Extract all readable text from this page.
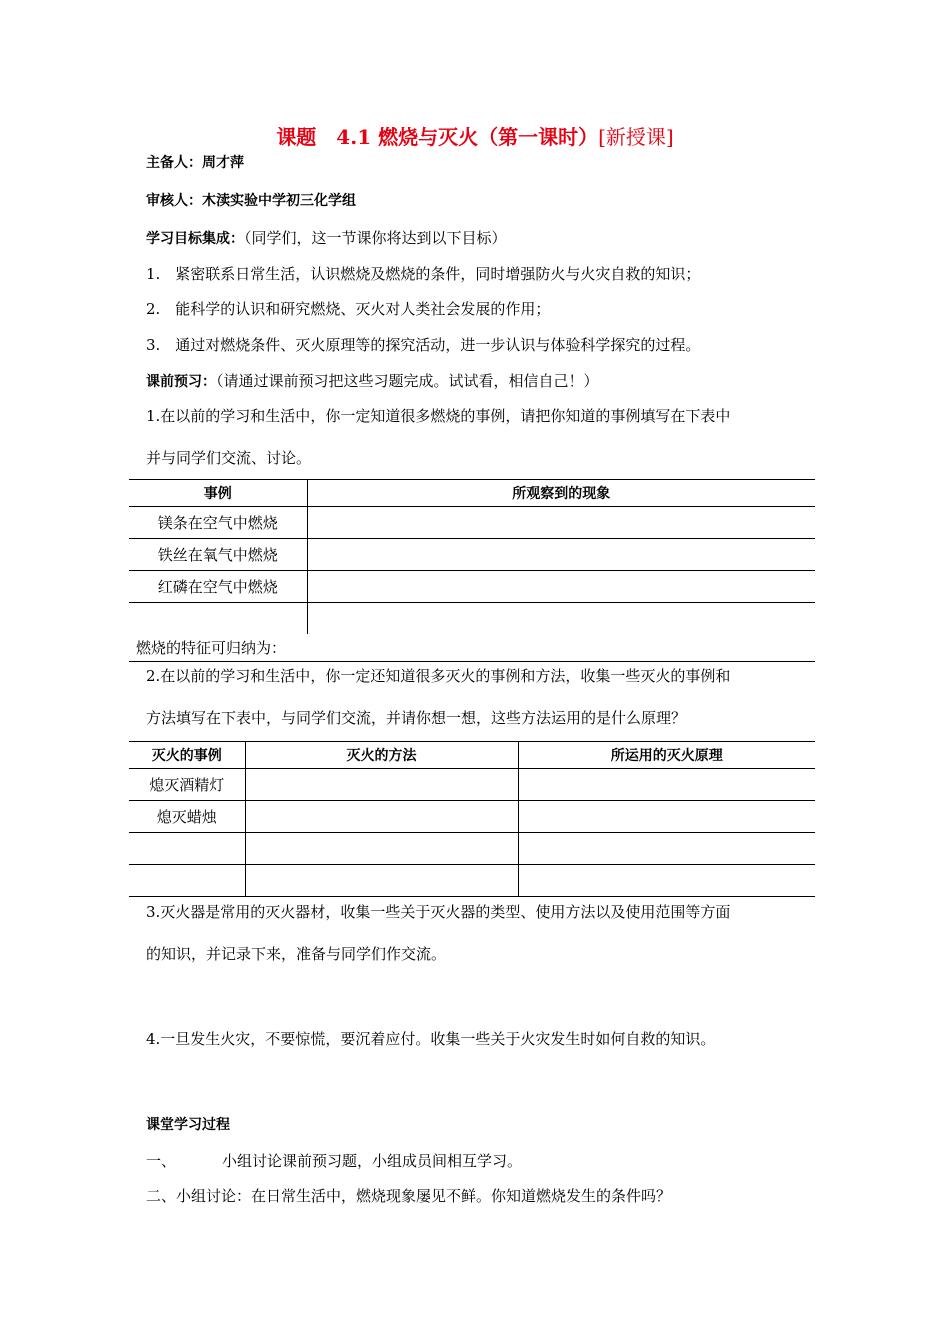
课题　4.1 燃烧与灭火（第一课时）[新授课]
主备人：周才萍
审核人：木渎实验中学初三化学组
学习目标集成：（同学们，这一节课你将达到以下目标）
1.　紧密联系日常生活，认识燃烧及燃烧的条件，同时增强防火与火灾自救的知识；
2.　能科学的认识和研究燃烧、灭火对人类社会发展的作用；
3.　通过对燃烧条件、灭火原理等的探究活动，进一步认识与体验科学探究的过程。
课前预习：（请通过课前预习把这些习题完成。试试看，相信自己！）
1.在以前的学习和生活中，你一定知道很多燃烧的事例，请把你知道的事例填写在下表中
并与同学们交流、讨论。
事例	所观察到的现象
镁条在空气中燃烧	
铁丝在氧气中燃烧	
红磷在空气中燃烧	

燃烧的特征可归纳为：
2.在以前的学习和生活中，你一定还知道很多灭火的事例和方法，收集一些灭火的事例和
方法填写在下表中，与同学们交流，并请你想一想，这些方法运用的是什么原理？
灭火的事例	灭火的方法	所运用的灭火原理
熄灭酒精灯		
熄灭蜡烛		

3.灭火器是常用的灭火器材，收集一些关于灭火器的类型、使用方法以及使用范围等方面
的知识，并记录下来，准备与同学们作交流。
4.一旦发生火灾，不要惊慌，要沉着应付。收集一些关于火灾发生时如何自救的知识。
课堂学习过程
一、	小组讨论课前预习题，小组成员间相互学习。
二、小组讨论：在日常生活中，燃烧现象屡见不鲜。你知道燃烧发生的条件吗？
